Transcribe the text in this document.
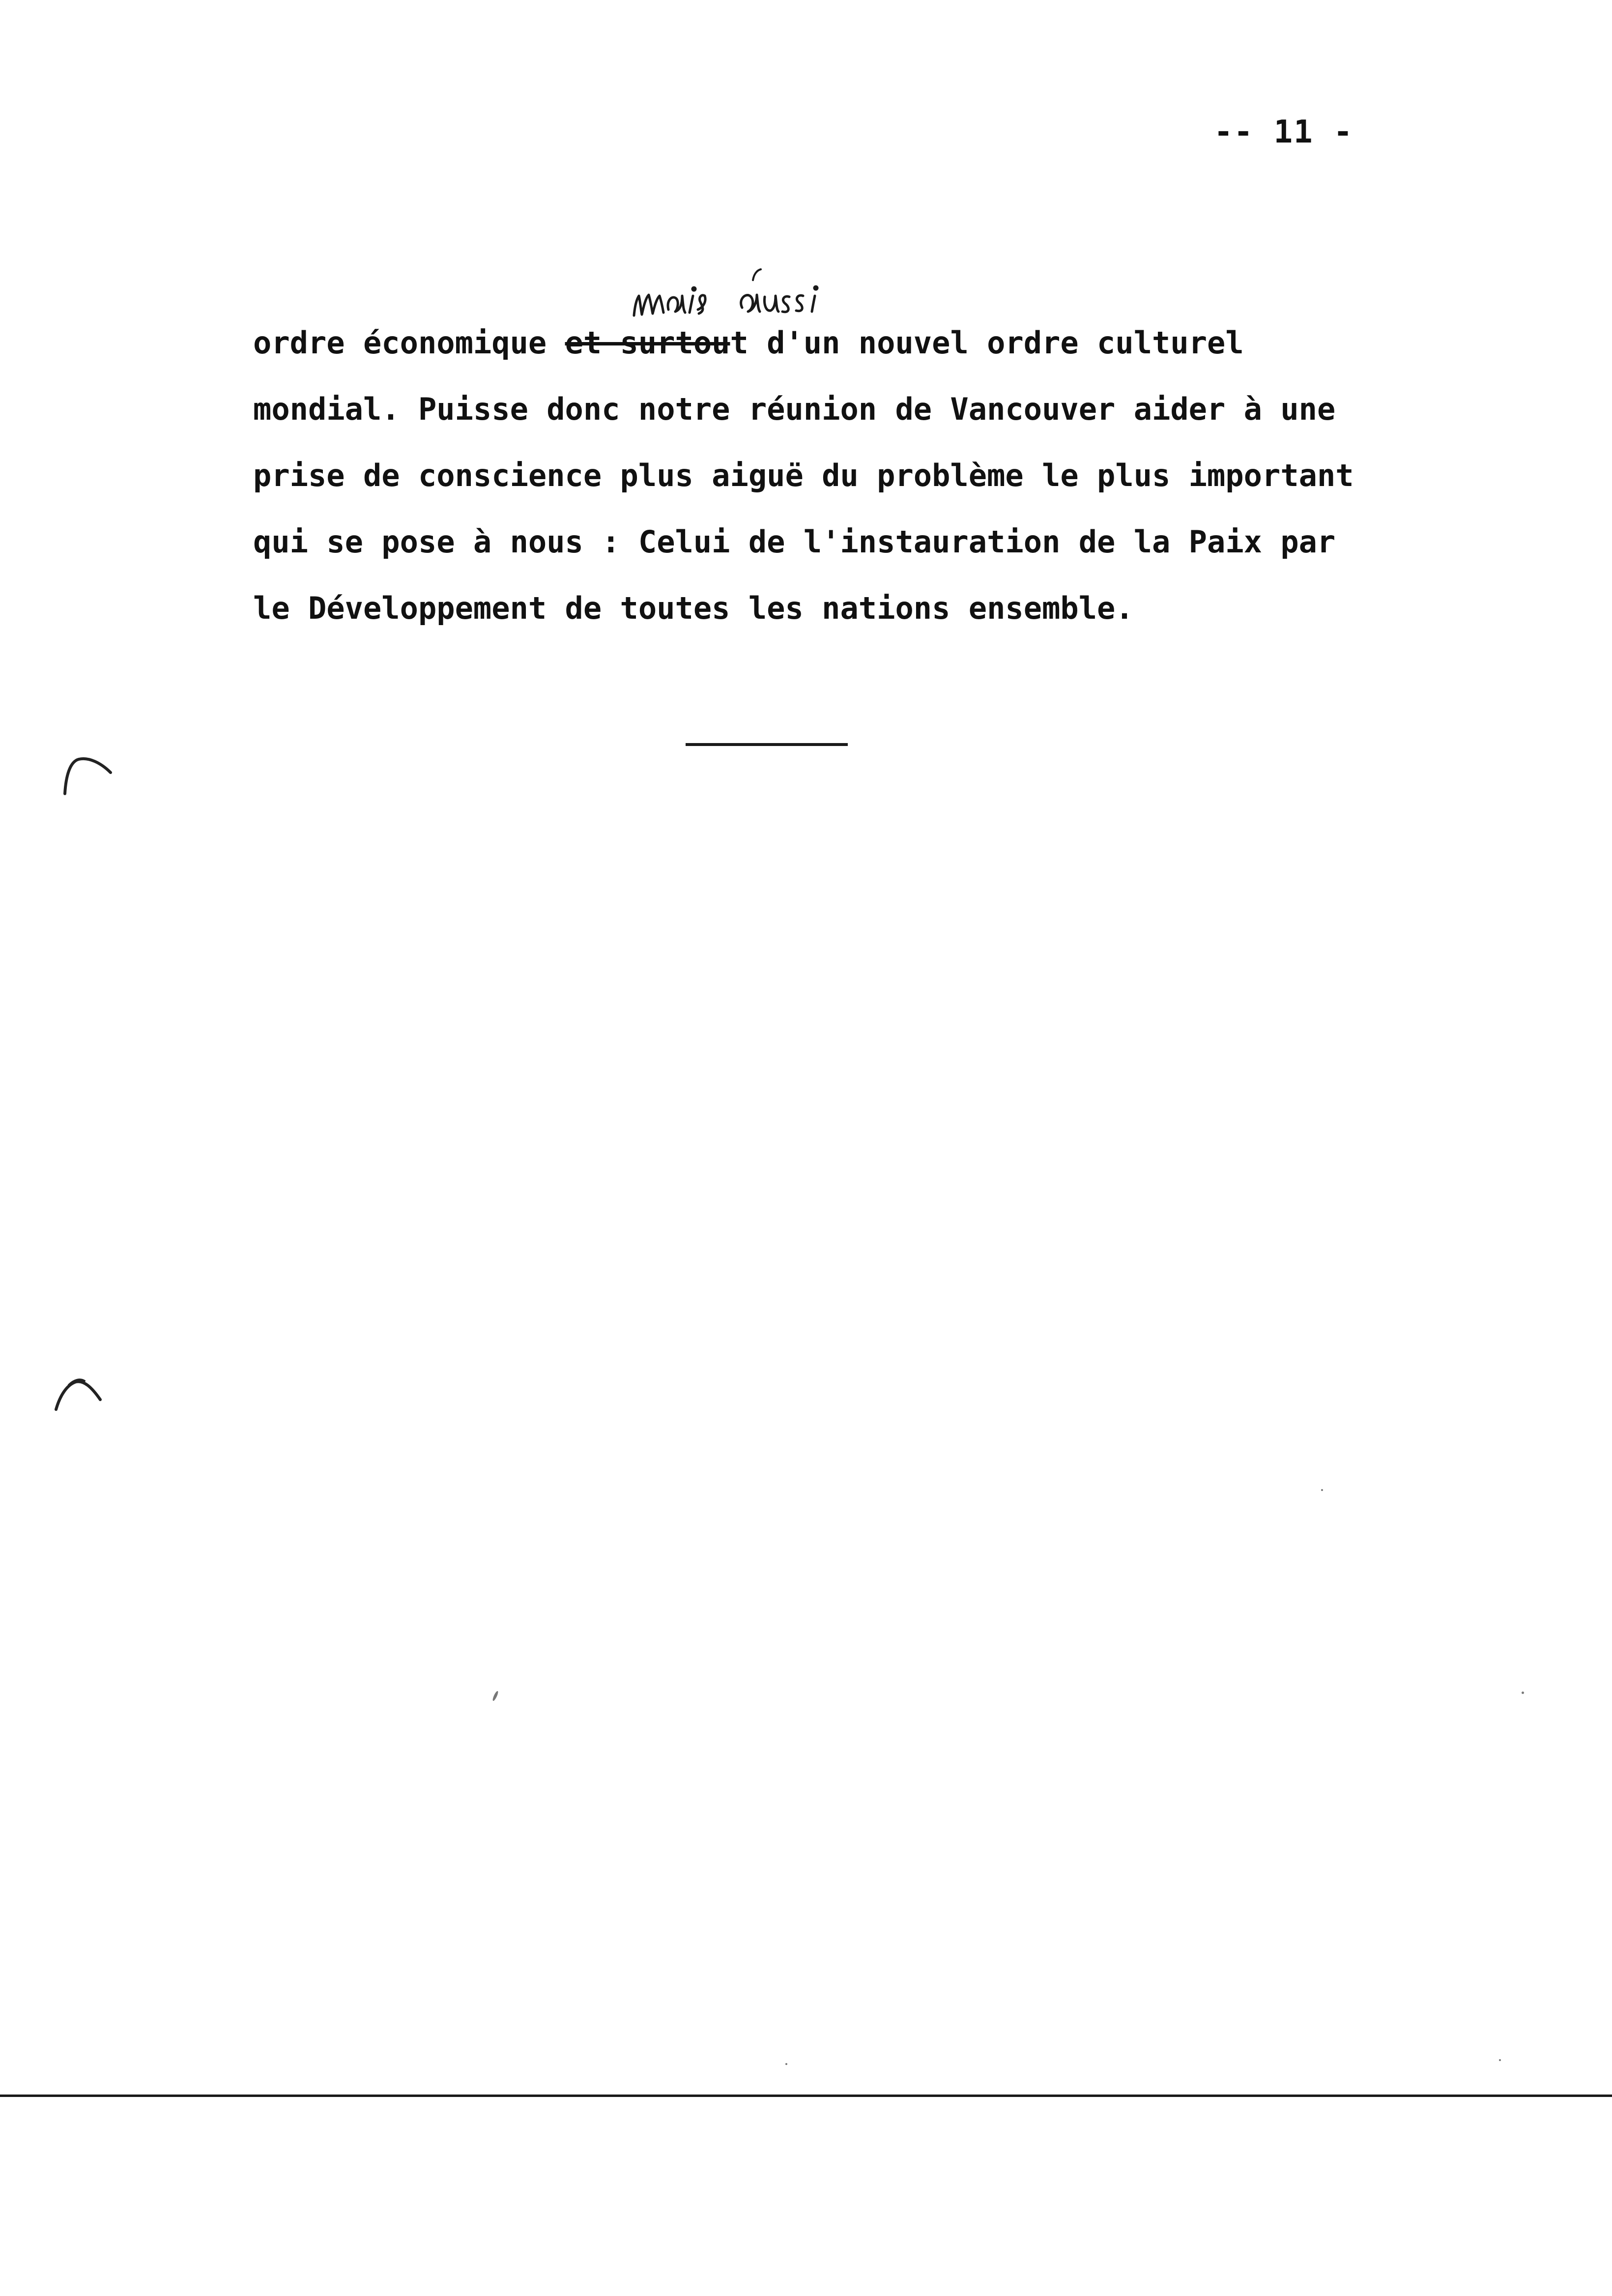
-- 11 -
ordre économique et surtout d'un nouvel ordre culturel
mondial. Puisse donc notre réunion de Vancouver aider à une
prise de conscience plus aiguë du problème le plus important
qui se pose à nous : Celui de l'instauration de la Paix par
le Développement de toutes les nations ensemble.
